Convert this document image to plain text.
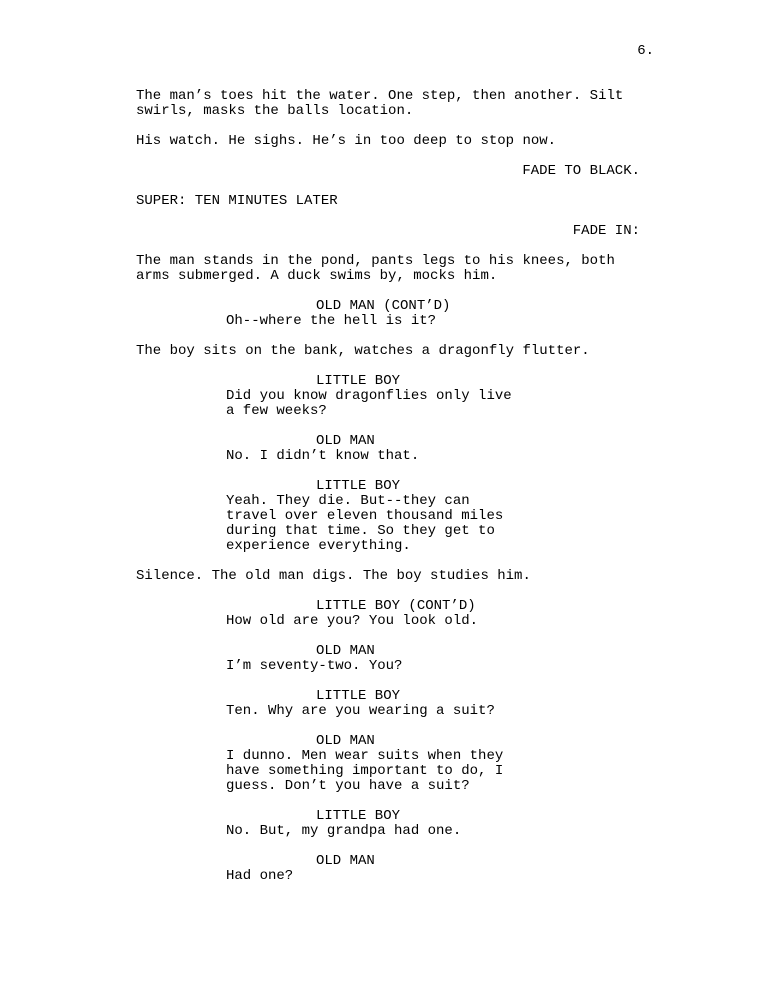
6.
The man’s toes hit the water. One step, then another. Silt
swirls, masks the balls location.
His watch. He sighs. He’s in too deep to stop now.
FADE TO BLACK.
SUPER: TEN MINUTES LATER
FADE IN:
The man stands in the pond, pants legs to his knees, both
arms submerged. A duck swims by, mocks him.
OLD MAN (CONT’D)
Oh--where the hell is it?
The boy sits on the bank, watches a dragonfly flutter.
LITTLE BOY
Did you know dragonflies only live
a few weeks?
OLD MAN
No. I didn’t know that.
LITTLE BOY
Yeah. They die. But--they can
travel over eleven thousand miles
during that time. So they get to
experience everything.
Silence. The old man digs. The boy studies him.
LITTLE BOY (CONT’D)
How old are you? You look old.
OLD MAN
I’m seventy-two. You?
LITTLE BOY
Ten. Why are you wearing a suit?
OLD MAN
I dunno. Men wear suits when they
have something important to do, I
guess. Don’t you have a suit?
LITTLE BOY
No. But, my grandpa had one.
OLD MAN
Had one?
